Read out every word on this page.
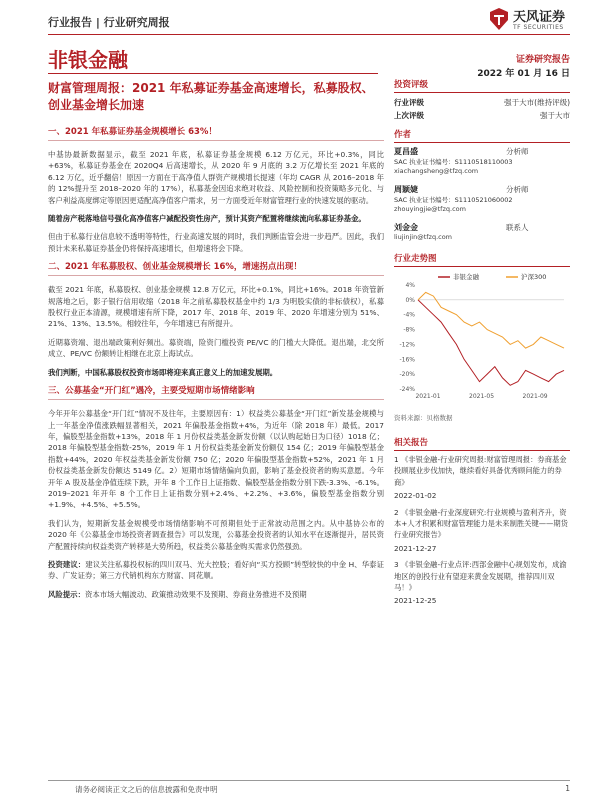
行业报告 | 行业研究周报	天风证券
TF SECURITIES
非银金融	证券研究报告
2022 年 01 月 16 日
财富管理周报：2021 年私募证券基金高速增长，私募股权、创业基金增长加速
一、2021 年私募证券基金规模增长 63%！
中基协最新数据显示，截至 2021 年底，私募证券基金规模 6.12 万亿元，环比+0.3%，同比+63%，私募证券基金在 2020Q4 后高速增长，从 2020 年 9 月底的 3.2 万亿增长至 2021 年底的 6.12 万亿，近乎翻倍！原因一方面在于高净值人群资产规模增长提速（年均 CAGR 从 2016–2018 年的 12%提升至 2018–2020 年的 17%），私募基金因追求绝对收益、风险控制和投资策略多元化、与客户利益高度绑定等原因更适配高净值客户需求，另一方面受近年财富管理行业的快速发展的驱动。
随着房产税落地信号强化高净值客户减配投资性房产，预计其资产配置将继续流向私募证券基金。
但由于私募行业信息较不透明等特性，行业高速发展的同时，我们判断监管会进一步趋严。因此，我们预计未来私募证券基金仍将保持高速增长，但增速将会下降。
二、2021 年私募股权、创业基金规模增长 16%，增速拐点出现！
截至 2021 年底，私募股权、创业基金规模 12.8 万亿元，环比+0.1%，同比+16%。2018 年资管新规落地之后，影子银行信用收缩（2018 年之前私募股权基金中约 1/3 为明股实债的非标债权），私募股权行业正本清源，规模增速有所下降，2017 年、2018 年、2019 年、2020 年增速分别为 51%、21%、13%、13.5%。相较往年，今年增速已有所提升。
近期募资端、退出端政策利好频出。募资端，险资门槛投资 PE/VC 的门槛大大降低。退出端，北交所成立、PE/VC 份额转让相继在北京上海试点。
我们判断，中国私募股权投资市场即将迎来真正意义上的加速发展期。
三、公募基金“开门红”遇冷，主要受短期市场情绪影响
今年开年公募基金“开门红”情况不及往年，主要原因有：1）权益类公募基金“开门红”新发基金规模与上一年基金净值涨跌幅显著相关，2021 年偏股基金指数+4%，为近年（除 2018 年）最低。2017 年，偏股型基金指数+13%，2018 年 1 月份权益类基金新发份额（以认购起始日为口径）1018 亿；2018 年偏股型基金指数-25%，2019 年 1 月份权益类基金新发份额仅 154 亿；2019 年偏股型基金指数+44%，2020 年权益类基金新发份额 750 亿；2020 年偏股型基金指数+52%，2021 年 1 月份权益类基金新发份额达 5149 亿。2）短期市场情绪偏向负面，影响了基金投资者的购买意愿。今年开年 A 股及基金净值连续下跌，开年 8 个工作日上证指数、偏股型基金指数分别下跌-3.3%、-6.1%。2019–2021 年开年 8 个工作日上证指数分别+2.4%、+2.2%、+3.6%，偏股型基金指数分别+1.9%、+4.5%、+5.5%。
我们认为，短期新发基金规模受市场情绪影响不可预期但处于正常波动范围之内。从中基协公布的 2020 年《公募基金市场投资者调查报告》可以发现，公募基金投资者的认知水平在逐渐提升，居民资产配置持续向权益类资产转移是大势所趋，权益类公募基金购买需求仍然强劲。
投资建议：建议关注私募投权标的四川双马、光大控股；看好向“买方投顾”转型较快的中金 H、华泰证券、广发证券；第三方代销机构东方财富、同花顺。
风险提示：资本市场大幅波动、政策推动效果不及预期、券商业务推进不及预期
投资评级
行业评级	强于大市(维持评级)
上次评级	强于大市
作者
夏昌盛	分析师
SAC 执业证书编号：S1110518110003
xiachangsheng@tfzq.com
周颖婕	分析师
SAC 执业证书编号：S1110521060002
zhouyingjie@tfzq.com
刘金金	联系人
liujinjin@tfzq.com
行业走势图
4%
0%
-4%
-8%
-12%
-16%
-20%
-24%
2021-01	2021-05	2021-09
非银金融	沪深300
资料来源：贝格数据
相关报告
1 《非银金融-行业研究周报:财富管理周报：券商基金投顾展业步伐加快，继续看好具备优秀顾问能力的券商》
2022-01-02
2 《非银金融-行业深度研究:行业规模与盈利齐升，资本+人才积累和财富管理能力是未来制胜关键——期货行业研究报告》
2021-12-27
3 《非银金融-行业点评:西部金融中心规划发布，成渝地区的创投行业有望迎来黄金发展期，推荐四川双马！》
2021-12-25
请务必阅读正文之后的信息披露和免责申明	1
